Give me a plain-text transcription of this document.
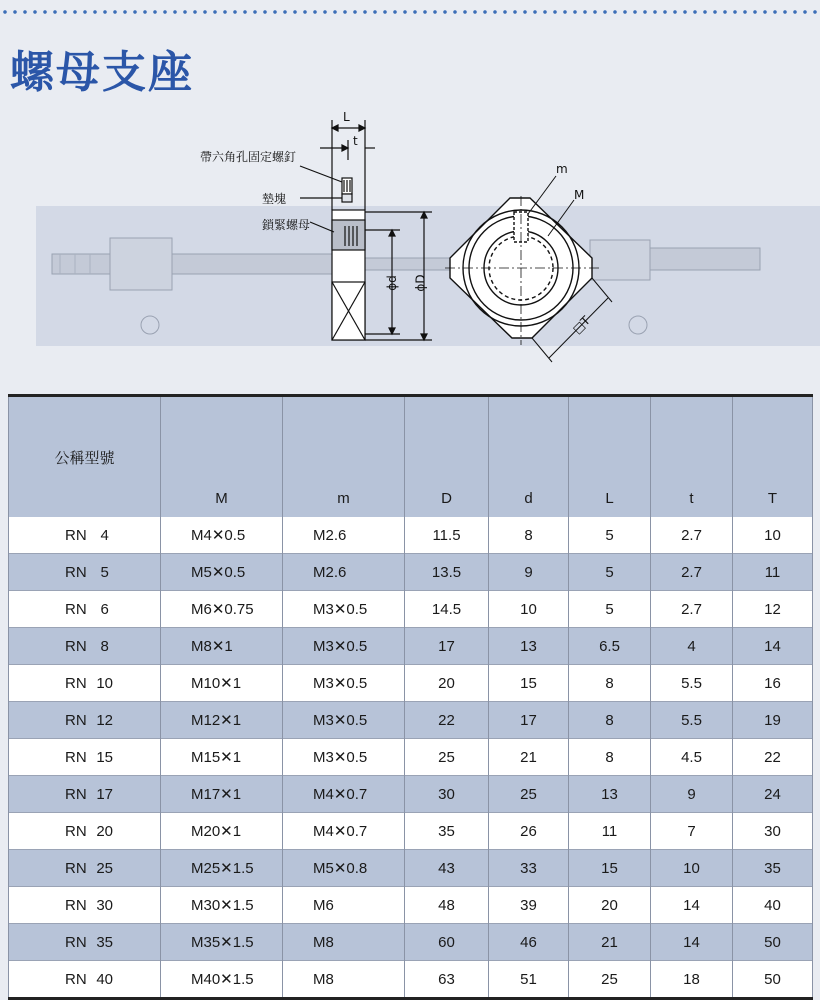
螺母支座
L
t
帶六角孔固定螺釘
墊塊
鎖緊螺母
ϕd ϕD
m
M
□T
公稱型號	M	m	D	d	L	t	T
RN 4	M4✕0.5	M2.6	11.5	8	5	2.7	10
RN 5	M5✕0.5	M2.6	13.5	9	5	2.7	11
RN 6	M6✕0.75	M3✕0.5	14.5	10	5	2.7	12
RN 8	M8✕1	M3✕0.5	17	13	6.5	4	14
RN 10	M10✕1	M3✕0.5	20	15	8	5.5	16
RN 12	M12✕1	M3✕0.5	22	17	8	5.5	19
RN 15	M15✕1	M3✕0.5	25	21	8	4.5	22
RN 17	M17✕1	M4✕0.7	30	25	13	9	24
RN 20	M20✕1	M4✕0.7	35	26	11	7	30
RN 25	M25✕1.5	M5✕0.8	43	33	15	10	35
RN 30	M30✕1.5	M6	48	39	20	14	40
RN 35	M35✕1.5	M8	60	46	21	14	50
RN 40	M40✕1.5	M8	63	51	25	18	50
